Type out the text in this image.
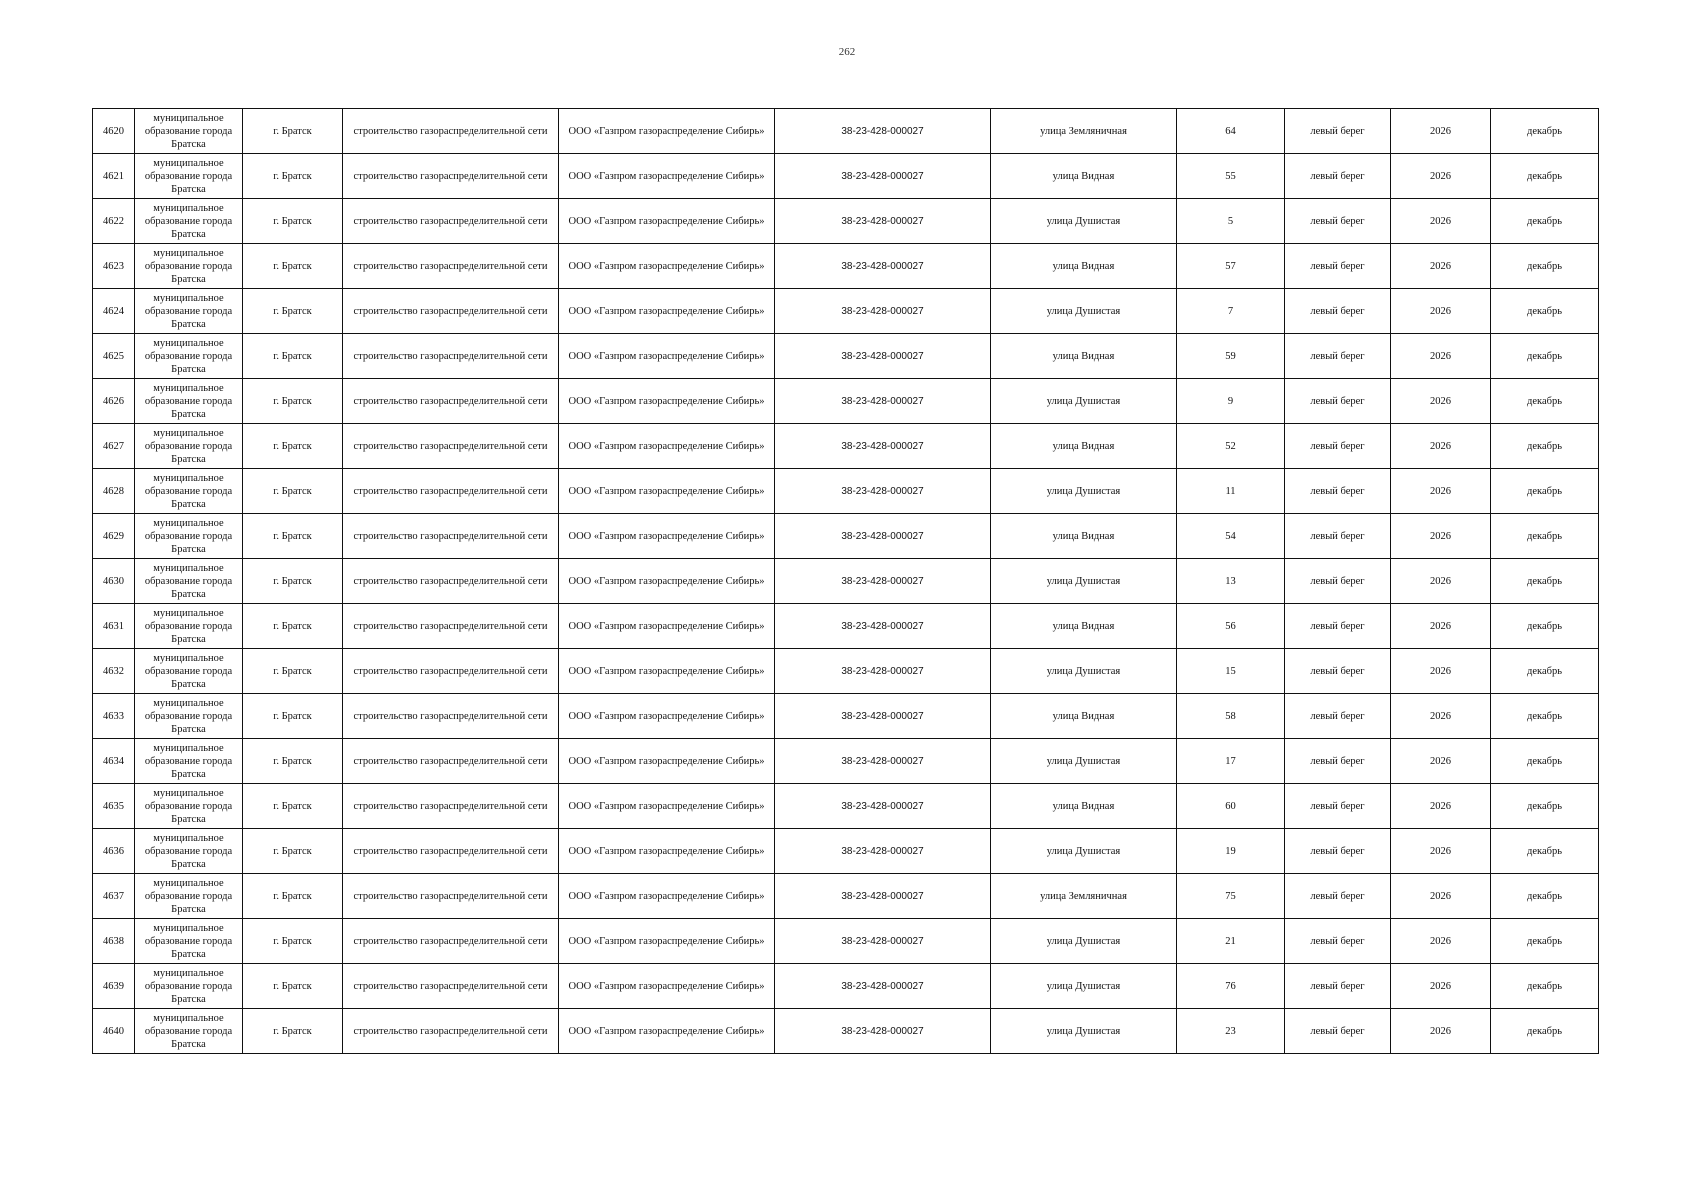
262
4620	муниципальное образование города Братска	г. Братск	строительство газораспределительной сети	ООО «Газпром газораспределение Сибирь»	38-23-428-000027	улица Земляничная	64	левый берег	2026	декабрь
4621	муниципальное образование города Братска	г. Братск	строительство газораспределительной сети	ООО «Газпром газораспределение Сибирь»	38-23-428-000027	улица Видная	55	левый берег	2026	декабрь
4622	муниципальное образование города Братска	г. Братск	строительство газораспределительной сети	ООО «Газпром газораспределение Сибирь»	38-23-428-000027	улица Душистая	5	левый берег	2026	декабрь
4623	муниципальное образование города Братска	г. Братск	строительство газораспределительной сети	ООО «Газпром газораспределение Сибирь»	38-23-428-000027	улица Видная	57	левый берег	2026	декабрь
4624	муниципальное образование города Братска	г. Братск	строительство газораспределительной сети	ООО «Газпром газораспределение Сибирь»	38-23-428-000027	улица Душистая	7	левый берег	2026	декабрь
4625	муниципальное образование города Братска	г. Братск	строительство газораспределительной сети	ООО «Газпром газораспределение Сибирь»	38-23-428-000027	улица Видная	59	левый берег	2026	декабрь
4626	муниципальное образование города Братска	г. Братск	строительство газораспределительной сети	ООО «Газпром газораспределение Сибирь»	38-23-428-000027	улица Душистая	9	левый берег	2026	декабрь
4627	муниципальное образование города Братска	г. Братск	строительство газораспределительной сети	ООО «Газпром газораспределение Сибирь»	38-23-428-000027	улица Видная	52	левый берег	2026	декабрь
4628	муниципальное образование города Братска	г. Братск	строительство газораспределительной сети	ООО «Газпром газораспределение Сибирь»	38-23-428-000027	улица Душистая	11	левый берег	2026	декабрь
4629	муниципальное образование города Братска	г. Братск	строительство газораспределительной сети	ООО «Газпром газораспределение Сибирь»	38-23-428-000027	улица Видная	54	левый берег	2026	декабрь
4630	муниципальное образование города Братска	г. Братск	строительство газораспределительной сети	ООО «Газпром газораспределение Сибирь»	38-23-428-000027	улица Душистая	13	левый берег	2026	декабрь
4631	муниципальное образование города Братска	г. Братск	строительство газораспределительной сети	ООО «Газпром газораспределение Сибирь»	38-23-428-000027	улица Видная	56	левый берег	2026	декабрь
4632	муниципальное образование города Братска	г. Братск	строительство газораспределительной сети	ООО «Газпром газораспределение Сибирь»	38-23-428-000027	улица Душистая	15	левый берег	2026	декабрь
4633	муниципальное образование города Братска	г. Братск	строительство газораспределительной сети	ООО «Газпром газораспределение Сибирь»	38-23-428-000027	улица Видная	58	левый берег	2026	декабрь
4634	муниципальное образование города Братска	г. Братск	строительство газораспределительной сети	ООО «Газпром газораспределение Сибирь»	38-23-428-000027	улица Душистая	17	левый берег	2026	декабрь
4635	муниципальное образование города Братска	г. Братск	строительство газораспределительной сети	ООО «Газпром газораспределение Сибирь»	38-23-428-000027	улица Видная	60	левый берег	2026	декабрь
4636	муниципальное образование города Братска	г. Братск	строительство газораспределительной сети	ООО «Газпром газораспределение Сибирь»	38-23-428-000027	улица Душистая	19	левый берег	2026	декабрь
4637	муниципальное образование города Братска	г. Братск	строительство газораспределительной сети	ООО «Газпром газораспределение Сибирь»	38-23-428-000027	улица Земляничная	75	левый берег	2026	декабрь
4638	муниципальное образование города Братска	г. Братск	строительство газораспределительной сети	ООО «Газпром газораспределение Сибирь»	38-23-428-000027	улица Душистая	21	левый берег	2026	декабрь
4639	муниципальное образование города Братска	г. Братск	строительство газораспределительной сети	ООО «Газпром газораспределение Сибирь»	38-23-428-000027	улица Душистая	76	левый берег	2026	декабрь
4640	муниципальное образование города Братска	г. Братск	строительство газораспределительной сети	ООО «Газпром газораспределение Сибирь»	38-23-428-000027	улица Душистая	23	левый берег	2026	декабрь
